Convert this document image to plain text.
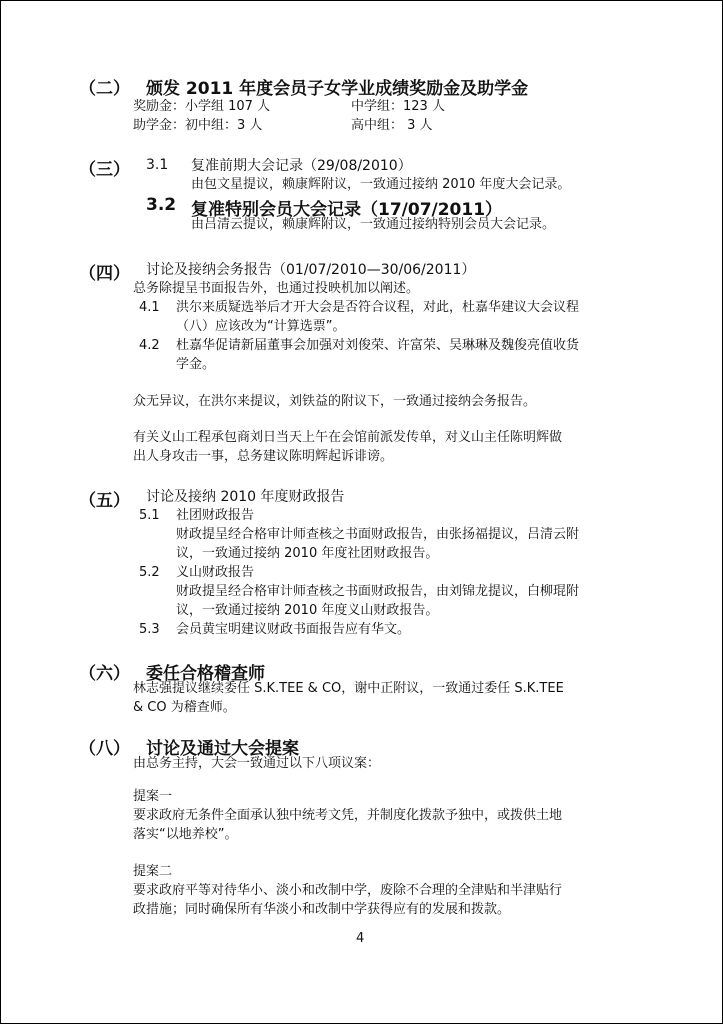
（二） 颁发 2011 年度会员子女学业成绩奖励金及助学金
奖励金：小学组 107 人	中学组：123 人
助学金：初中组：3 人	高中组： 3 人
（三） 3.1 复准前期大会记录（29/08/2010）
由包文星提议，赖康辉附议，一致通过接纳 2010 年度大会记录。
3.2 复准特别会员大会记录（17/07/2011）
由吕清云提议，赖康辉附议，一致通过接纳特别会员大会记录。
（四） 讨论及接纳会务报告（01/07/2010—30/06/2011）
总务除提呈书面报告外，也通过投映机加以阐述。
4.1 洪尔来质疑选举后才开大会是否符合议程，对此，杜嘉华建议大会议程
（八）应该改为“计算选票”。
4.2 杜嘉华促请新届董事会加强对刘俊荣、许富荣、吴琳琳及魏俊亮值收货
学金。
众无异议，在洪尔来提议，刘铁益的附议下，一致通过接纳会务报告。
有关义山工程承包商刘日当天上午在会馆前派发传单，对义山主任陈明辉做
出人身攻击一事，总务建议陈明辉起诉诽谤。
（五） 讨论及接纳 2010 年度财政报告
5.1 社团财政报告
财政提呈经合格审计师查核之书面财政报告，由张扬福提议，吕清云附
议，一致通过接纳 2010 年度社团财政报告。
5.2 义山财政报告
财政提呈经合格审计师查核之书面财政报告，由刘锦龙提议，白柳琨附
议，一致通过接纳 2010 年度义山财政报告。
5.3 会员黄宝明建议财政书面报告应有华文。
（六） 委任合格稽查师
林志强提议继续委任 S.K.TEE & CO，谢中正附议，一致通过委任 S.K.TEE
& CO 为稽查师。
（八） 讨论及通过大会提案
由总务主持，大会一致通过以下八项议案：
提案一
要求政府无条件全面承认独中统考文凭，并制度化拨款予独中，或拨供土地
落实“以地养校”。
提案二
要求政府平等对待华小、淡小和改制中学，废除不合理的全津贴和半津贴行
政措施；同时确保所有华淡小和改制中学获得应有的发展和拨款。
4
